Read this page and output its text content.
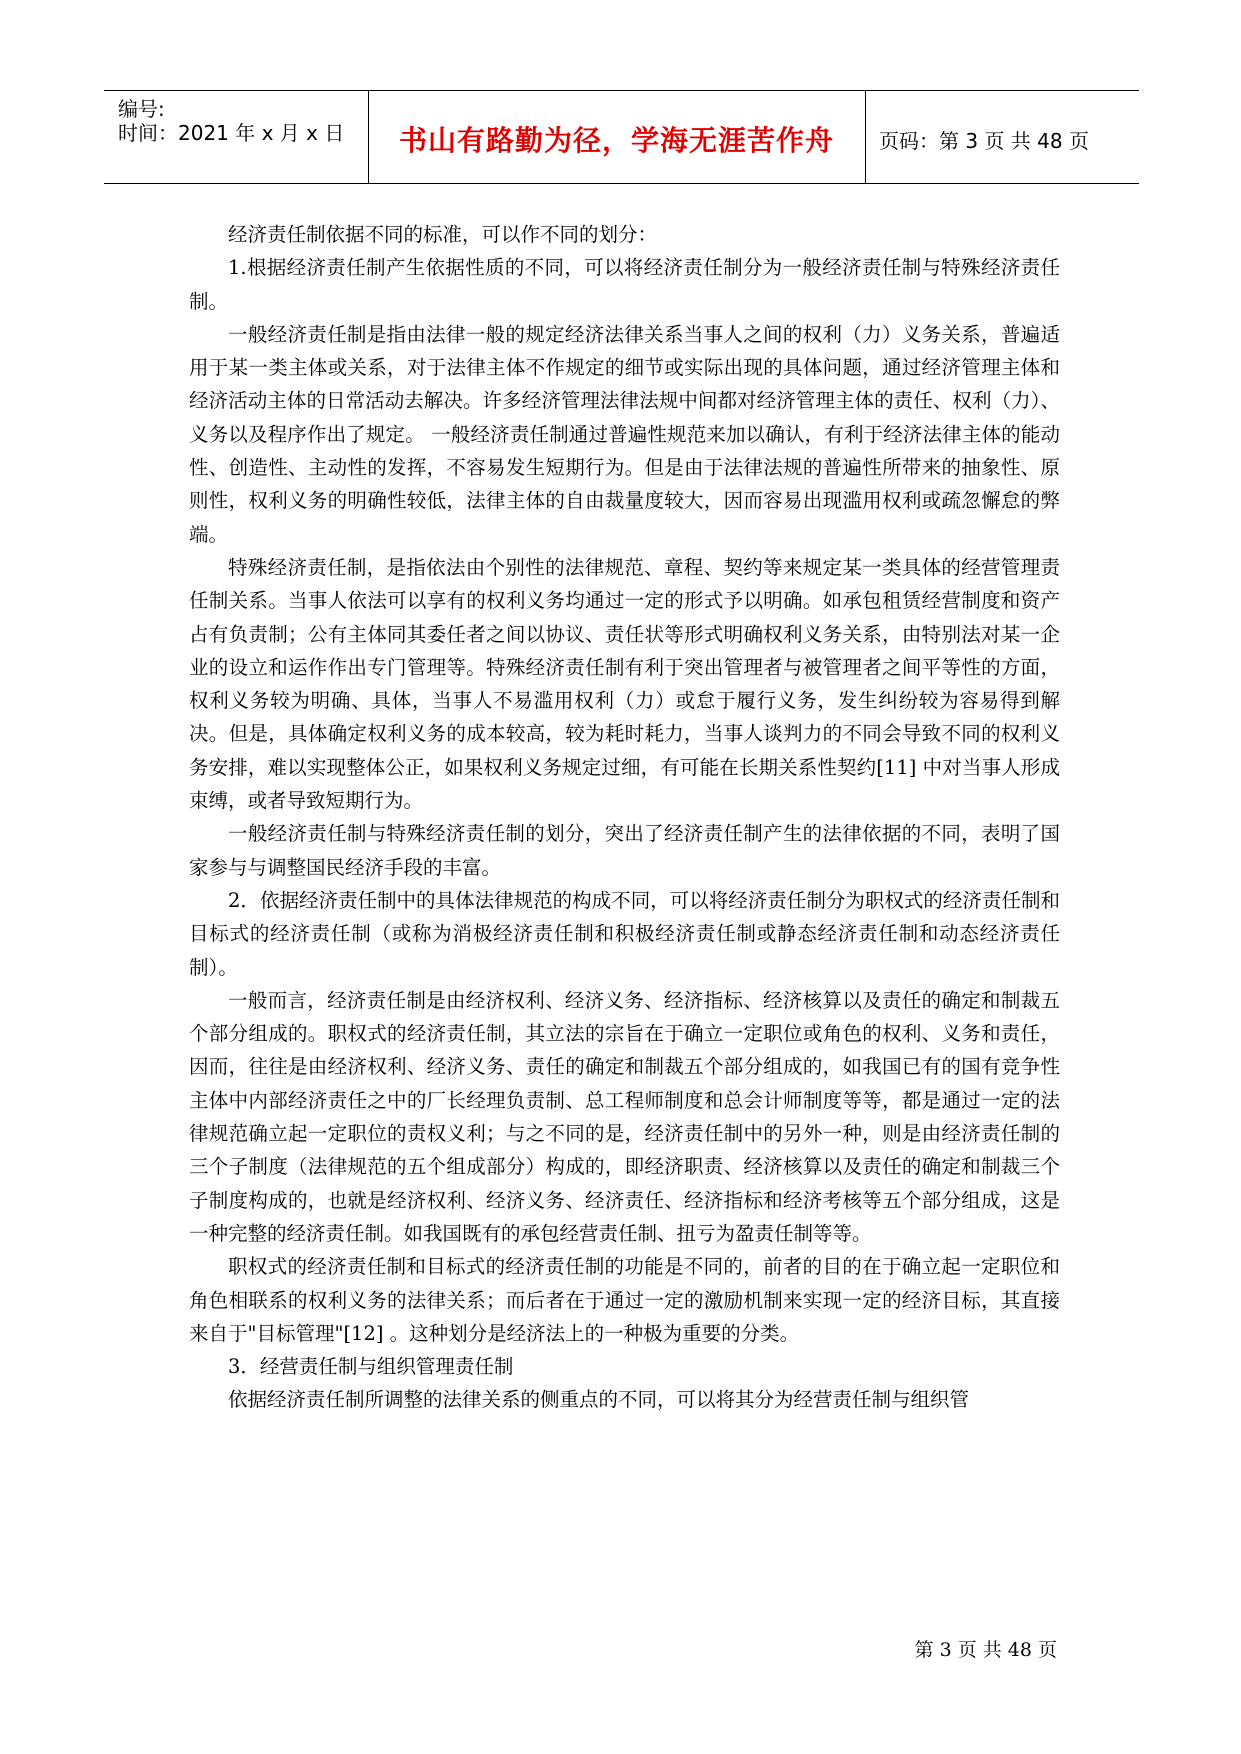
编号:
时间：2021 年 x 月 x 日	书山有路勤为径，学海无涯苦作舟	页码：第 3 页 共 48 页

经济责任制依据不同的标准，可以作不同的划分：

1.根据经济责任制产生依据性质的不同，可以将经济责任制分为一般经济责任制与特殊经济责任制。

一般经济责任制是指由法律一般的规定经济法律关系当事人之间的权利（力）义务关系，普遍适用于某一类主体或关系，对于法律主体不作规定的细节或实际出现的具体问题，通过经济管理主体和经济活动主体的日常活动去解决。许多经济管理法律法规中间都对经济管理主体的责任、权利（力）、义务以及程序作出了规定。 一般经济责任制通过普遍性规范来加以确认，有利于经济法律主体的能动性、创造性、主动性的发挥，不容易发生短期行为。但是由于法律法规的普遍性所带来的抽象性、原则性，权利义务的明确性较低，法律主体的自由裁量度较大，因而容易出现滥用权利或疏忽懈怠的弊端。

特殊经济责任制，是指依法由个别性的法律规范、章程、契约等来规定某一类具体的经营管理责任制关系。当事人依法可以享有的权利义务均通过一定的形式予以明确。如承包租赁经营制度和资产占有负责制；公有主体同其委任者之间以协议、责任状等形式明确权利义务关系，由特别法对某一企业的设立和运作作出专门管理等。特殊经济责任制有利于突出管理者与被管理者之间平等性的方面，权利义务较为明确、具体，当事人不易滥用权利（力）或怠于履行义务，发生纠纷较为容易得到解决。但是，具体确定权利义务的成本较高，较为耗时耗力，当事人谈判力的不同会导致不同的权利义务安排，难以实现整体公正，如果权利义务规定过细，有可能在长期关系性契约[11] 中对当事人形成束缚，或者导致短期行为。

一般经济责任制与特殊经济责任制的划分，突出了经济责任制产生的法律依据的不同，表明了国家参与与调整国民经济手段的丰富。

2．依据经济责任制中的具体法律规范的构成不同，可以将经济责任制分为职权式的经济责任制和目标式的经济责任制（或称为消极经济责任制和积极经济责任制或静态经济责任制和动态经济责任制）。

一般而言，经济责任制是由经济权利、经济义务、经济指标、经济核算以及责任的确定和制裁五个部分组成的。职权式的经济责任制，其立法的宗旨在于确立一定职位或角色的权利、义务和责任，因而，往往是由经济权利、经济义务、责任的确定和制裁五个部分组成的，如我国已有的国有竞争性主体中内部经济责任之中的厂长经理负责制、总工程师制度和总会计师制度等等，都是通过一定的法律规范确立起一定职位的责权义利；与之不同的是，经济责任制中的另外一种，则是由经济责任制的三个子制度（法律规范的五个组成部分）构成的，即经济职责、经济核算以及责任的确定和制裁三个子制度构成的，也就是经济权利、经济义务、经济责任、经济指标和经济考核等五个部分组成，这是一种完整的经济责任制。如我国既有的承包经营责任制、扭亏为盈责任制等等。

职权式的经济责任制和目标式的经济责任制的功能是不同的，前者的目的在于确立起一定职位和角色相联系的权利义务的法律关系；而后者在于通过一定的激励机制来实现一定的经济目标，其直接来自于"目标管理"[12] 。这种划分是经济法上的一种极为重要的分类。

3．经营责任制与组织管理责任制

依据经济责任制所调整的法律关系的侧重点的不同，可以将其分为经营责任制与组织管

第 3 页 共 48 页
